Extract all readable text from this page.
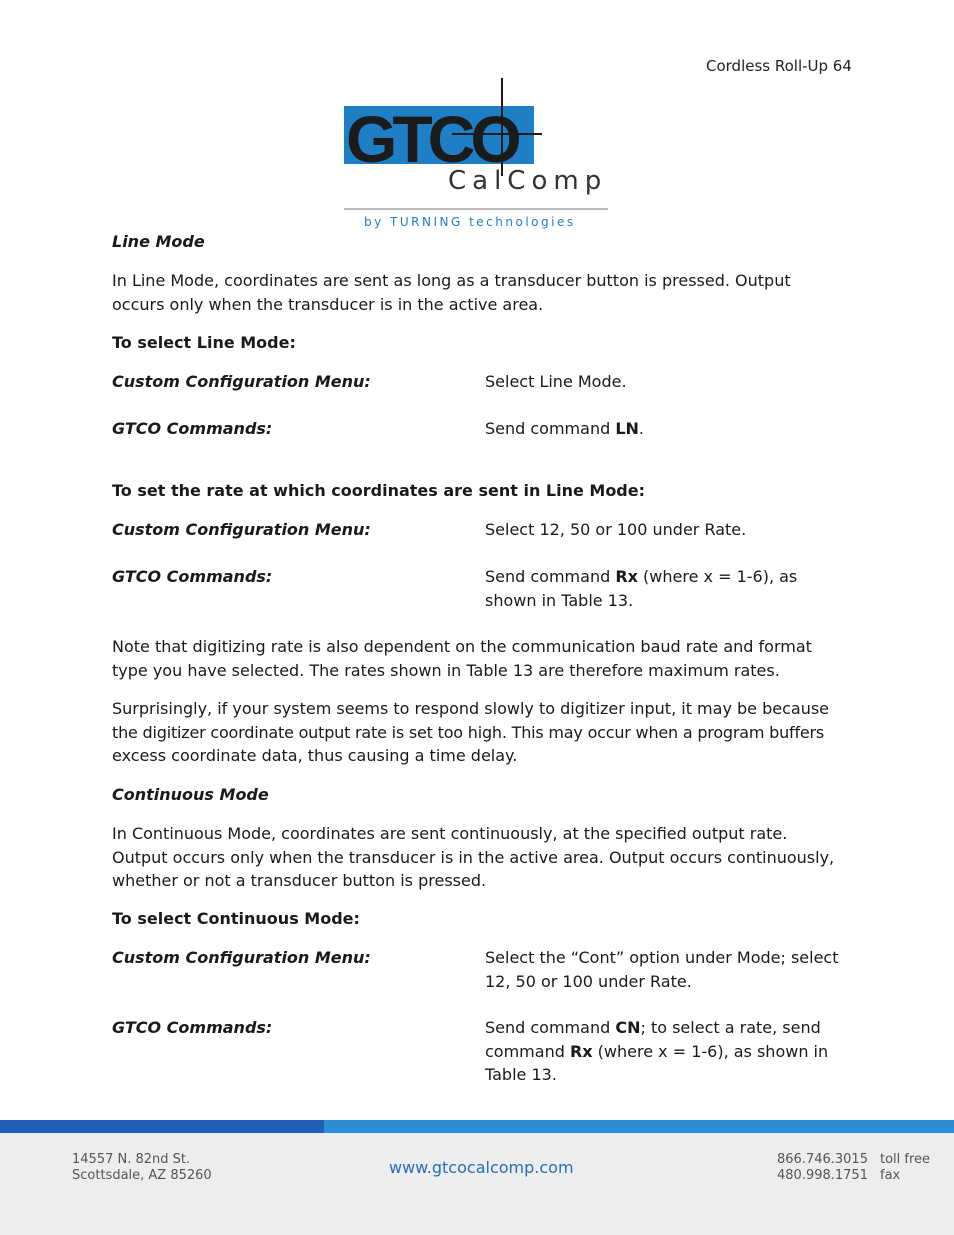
Cordless Roll-Up 64
GTCO
CalComp
by TURNING technologies
Line Mode
In Line Mode, coordinates are sent as long as a transducer button is pressed. Output
occurs only when the transducer is in the active area.
To select Line Mode:
Custom Configuration Menu:	Select Line Mode.
GTCO Commands:	Send command LN.
To set the rate at which coordinates are sent in Line Mode:
Custom Configuration Menu:	Select 12, 50 or 100 under Rate.
GTCO Commands:	Send command Rx (where x = 1-6), as
shown in Table 13.
Note that digitizing rate is also dependent on the communication baud rate and format
type you have selected. The rates shown in Table 13 are therefore maximum rates.
Surprisingly, if your system seems to respond slowly to digitizer input, it may be because
the digitizer coordinate output rate is set too high. This may occur when a program buffers
excess coordinate data, thus causing a time delay.
Continuous Mode
In Continuous Mode, coordinates are sent continuously, at the specified output rate.
Output occurs only when the transducer is in the active area. Output occurs continuously,
whether or not a transducer button is pressed.
To select Continuous Mode:
Custom Configuration Menu:	Select the “Cont” option under Mode; select
12, 50 or 100 under Rate.
GTCO Commands:	Send command CN; to select a rate, send
command Rx (where x = 1-6), as shown in
Table 13.
14557 N. 82nd St.
Scottsdale, AZ 85260	www.gtcocalcomp.com	866.746.3015
480.998.1751
toll free
fax
